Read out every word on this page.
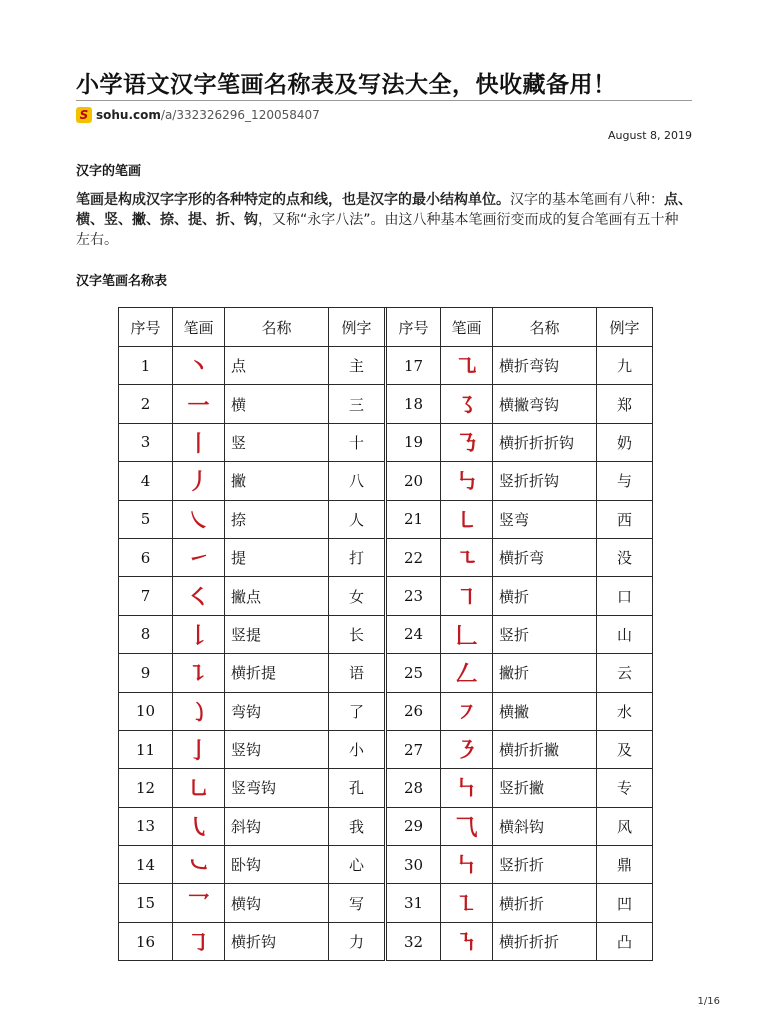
小学语文汉字笔画名称表及写法大全，快收藏备用！
S sohu.com /a/332326296_120058407
August 8, 2019
汉字的笔画
笔画是构成汉字字形的各种特定的点和线，也是汉字的最小结构单位。汉字的基本笔画有八种：点、横、竖、撇、捺、提、折、钩，又称“永字八法”。由这八种基本笔画衍变而成的复合笔画有五十种左右。
汉字笔画名称表
序号	笔画	名称	例字		序号	笔画	名称	例字
1	丶	点	主		17	㇈	横折弯钩	九
2	一	横	三		18	㇌	横撇弯钩	郑
3	丨	竖	十		19	㇡	横折折折钩	奶
4	丿	撇	八		20	㇉	竖折折钩	与
5	㇏	捺	人		21	㇄	竖弯	西
6	㇀	提	打		22	㇍	横折弯	没
7	㇛	撇点	女		23	㇕	横折	口
8	𠄌	竖提	长		24	𠃊	竖折	山
9	㇊	横折提	语		25	𠃋	撇折	云
10	㇁	弯钩	了		26	㇇	横撇	水
11	亅	竖钩	小		27	㇋	横折折撇	及
12	㇟	竖弯钩	孔		28	㇞	竖折撇	专
13	㇂	斜钩	我		29	⺄	横斜钩	风
14	㇃	卧钩	心		30	㇞	竖折折	鼎
15	乛	横钩	写		31	㇅	横折折	凹
16	㇆	横折钩	力		32	㇎	横折折折	凸
1/16
